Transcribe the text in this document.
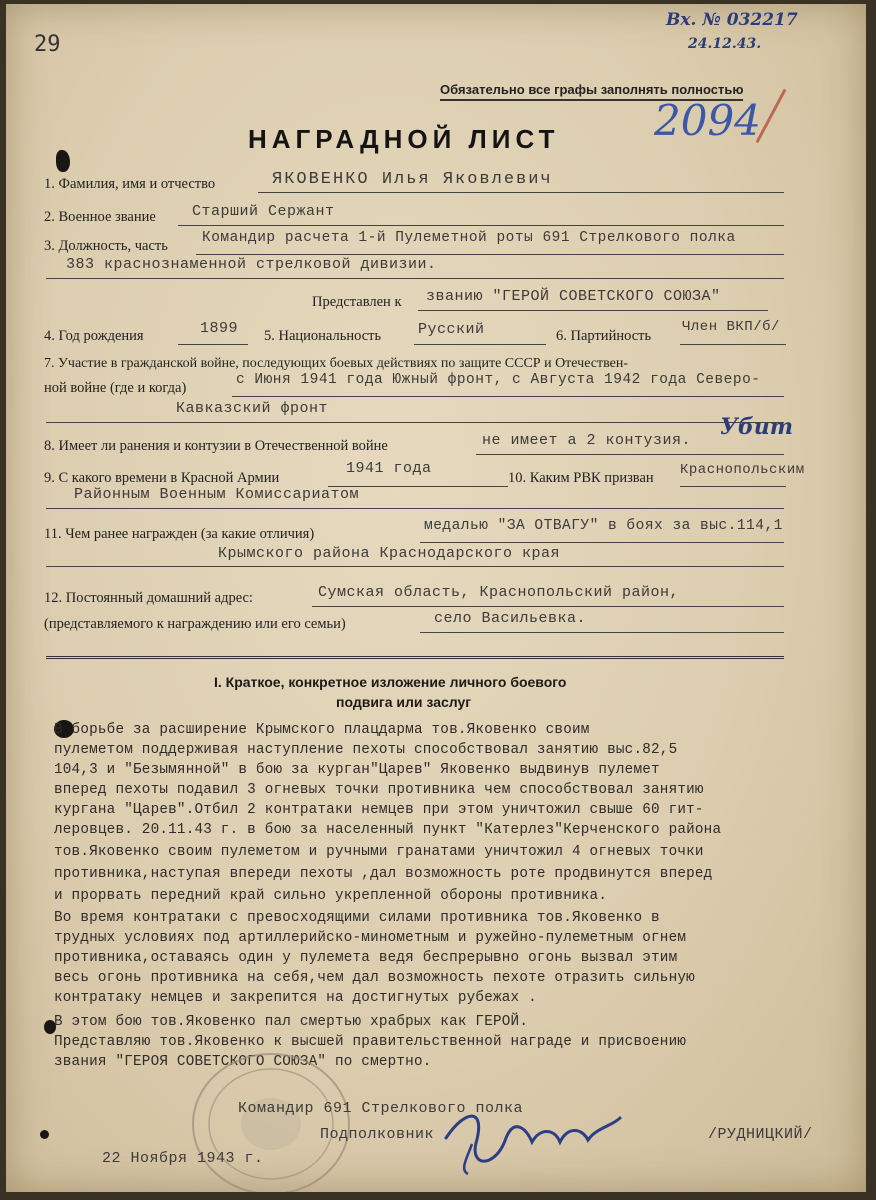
29
Вх. № 032217
24.12.43.
Обязательно все графы заполнять полностью
2094
НАГРАДНОЙ ЛИСТ
1. Фамилия, имя и отчество	ЯКОВЕНКО Илья Яковлевич
2. Военное звание Старший Сержант
3. Должность, часть Командир расчета 1-й Пулеметной роты 691 Стрелкового полка
383 краснознаменной стрелковой дивизии.
Представлен к званию "ГЕРОЙ СОВЕТСКОГО СОЮЗА"
4. Год рождения	1899 5. Национальность Русский	6. Партийность
Член ВКП/б/
7. Участие в гражданской войне, последующих боевых действиях по защите СССР и Отечествен-
ной войне (где и когда)	с Июня 1941 года Южный фронт, с Августа 1942 года Северо-
Кавказский фронт
8. Имеет ли ранения и контузии в Отечественной войне	не имеет а 2 контузия.
Убит
9. С какого времени в Красной Армии
1941 года
10. Каким РВК призван Краснопольским
Районным Военным Комиссариатом
11. Чем ранее награжден (за какие отличия)	медалью "ЗА ОТВАГУ" в боях за выс.114,1
Крымского района Краснодарского края
12. Постоянный домашний адрес:	Сумская область, Краснопольский район,
(представляемого к награждению или его семьи)	село Васильевка.
I. Краткое, конкретное изложение личного боевого
подвига или заслуг
В борьбе за расширение Крымского плацдарма тов.Яковенко своим
пулеметом поддерживая наступление пехоты способствовал занятию выс.82,5
104,3 и "Безымянной" в бою за курган"Царев" Яковенко выдвинув пулемет
вперед пехоты подавил 3 огневых точки противника чем способствовал занятию
кургана "Царев".Отбил 2 контратаки немцев при этом уничтожил свыше 60 гит-
леровцев. 20.11.43 г. в бою за населенный пункт "Катерлез"Керченского района
тов.Яковенко своим пулеметом и ручными гранатами уничтожил 4 огневых точки
противника,наступая впереди пехоты ,дал возможность роте продвинутся вперед
и прорвать передний край сильно укрепленной обороны противника.
Во время контратаки с превосходящими силами противника тов.Яковенко в
трудных условиях под артиллерийско-минометным и ружейно-пулеметным огнем
противника,оставаясь один у пулемета ведя беспрерывно огонь вызвал этим
весь огонь противника на себя,чем дал возможность пехоте отразить сильную
контратаку немцев и закрепится на достигнутых рубежах .
В этом бою тов.Яковенко пал смертью храбрых как ГЕРОЙ.
Представляю тов.Яковенко к высшей правительственной награде и присвоению
звания "ГЕРОЯ СОВЕТСКОГО СОЮЗА" по смертно.
Командир 691 Стрелкового полка
Подполковник	/РУДНИЦКИЙ/
22 Ноября 1943 г.
